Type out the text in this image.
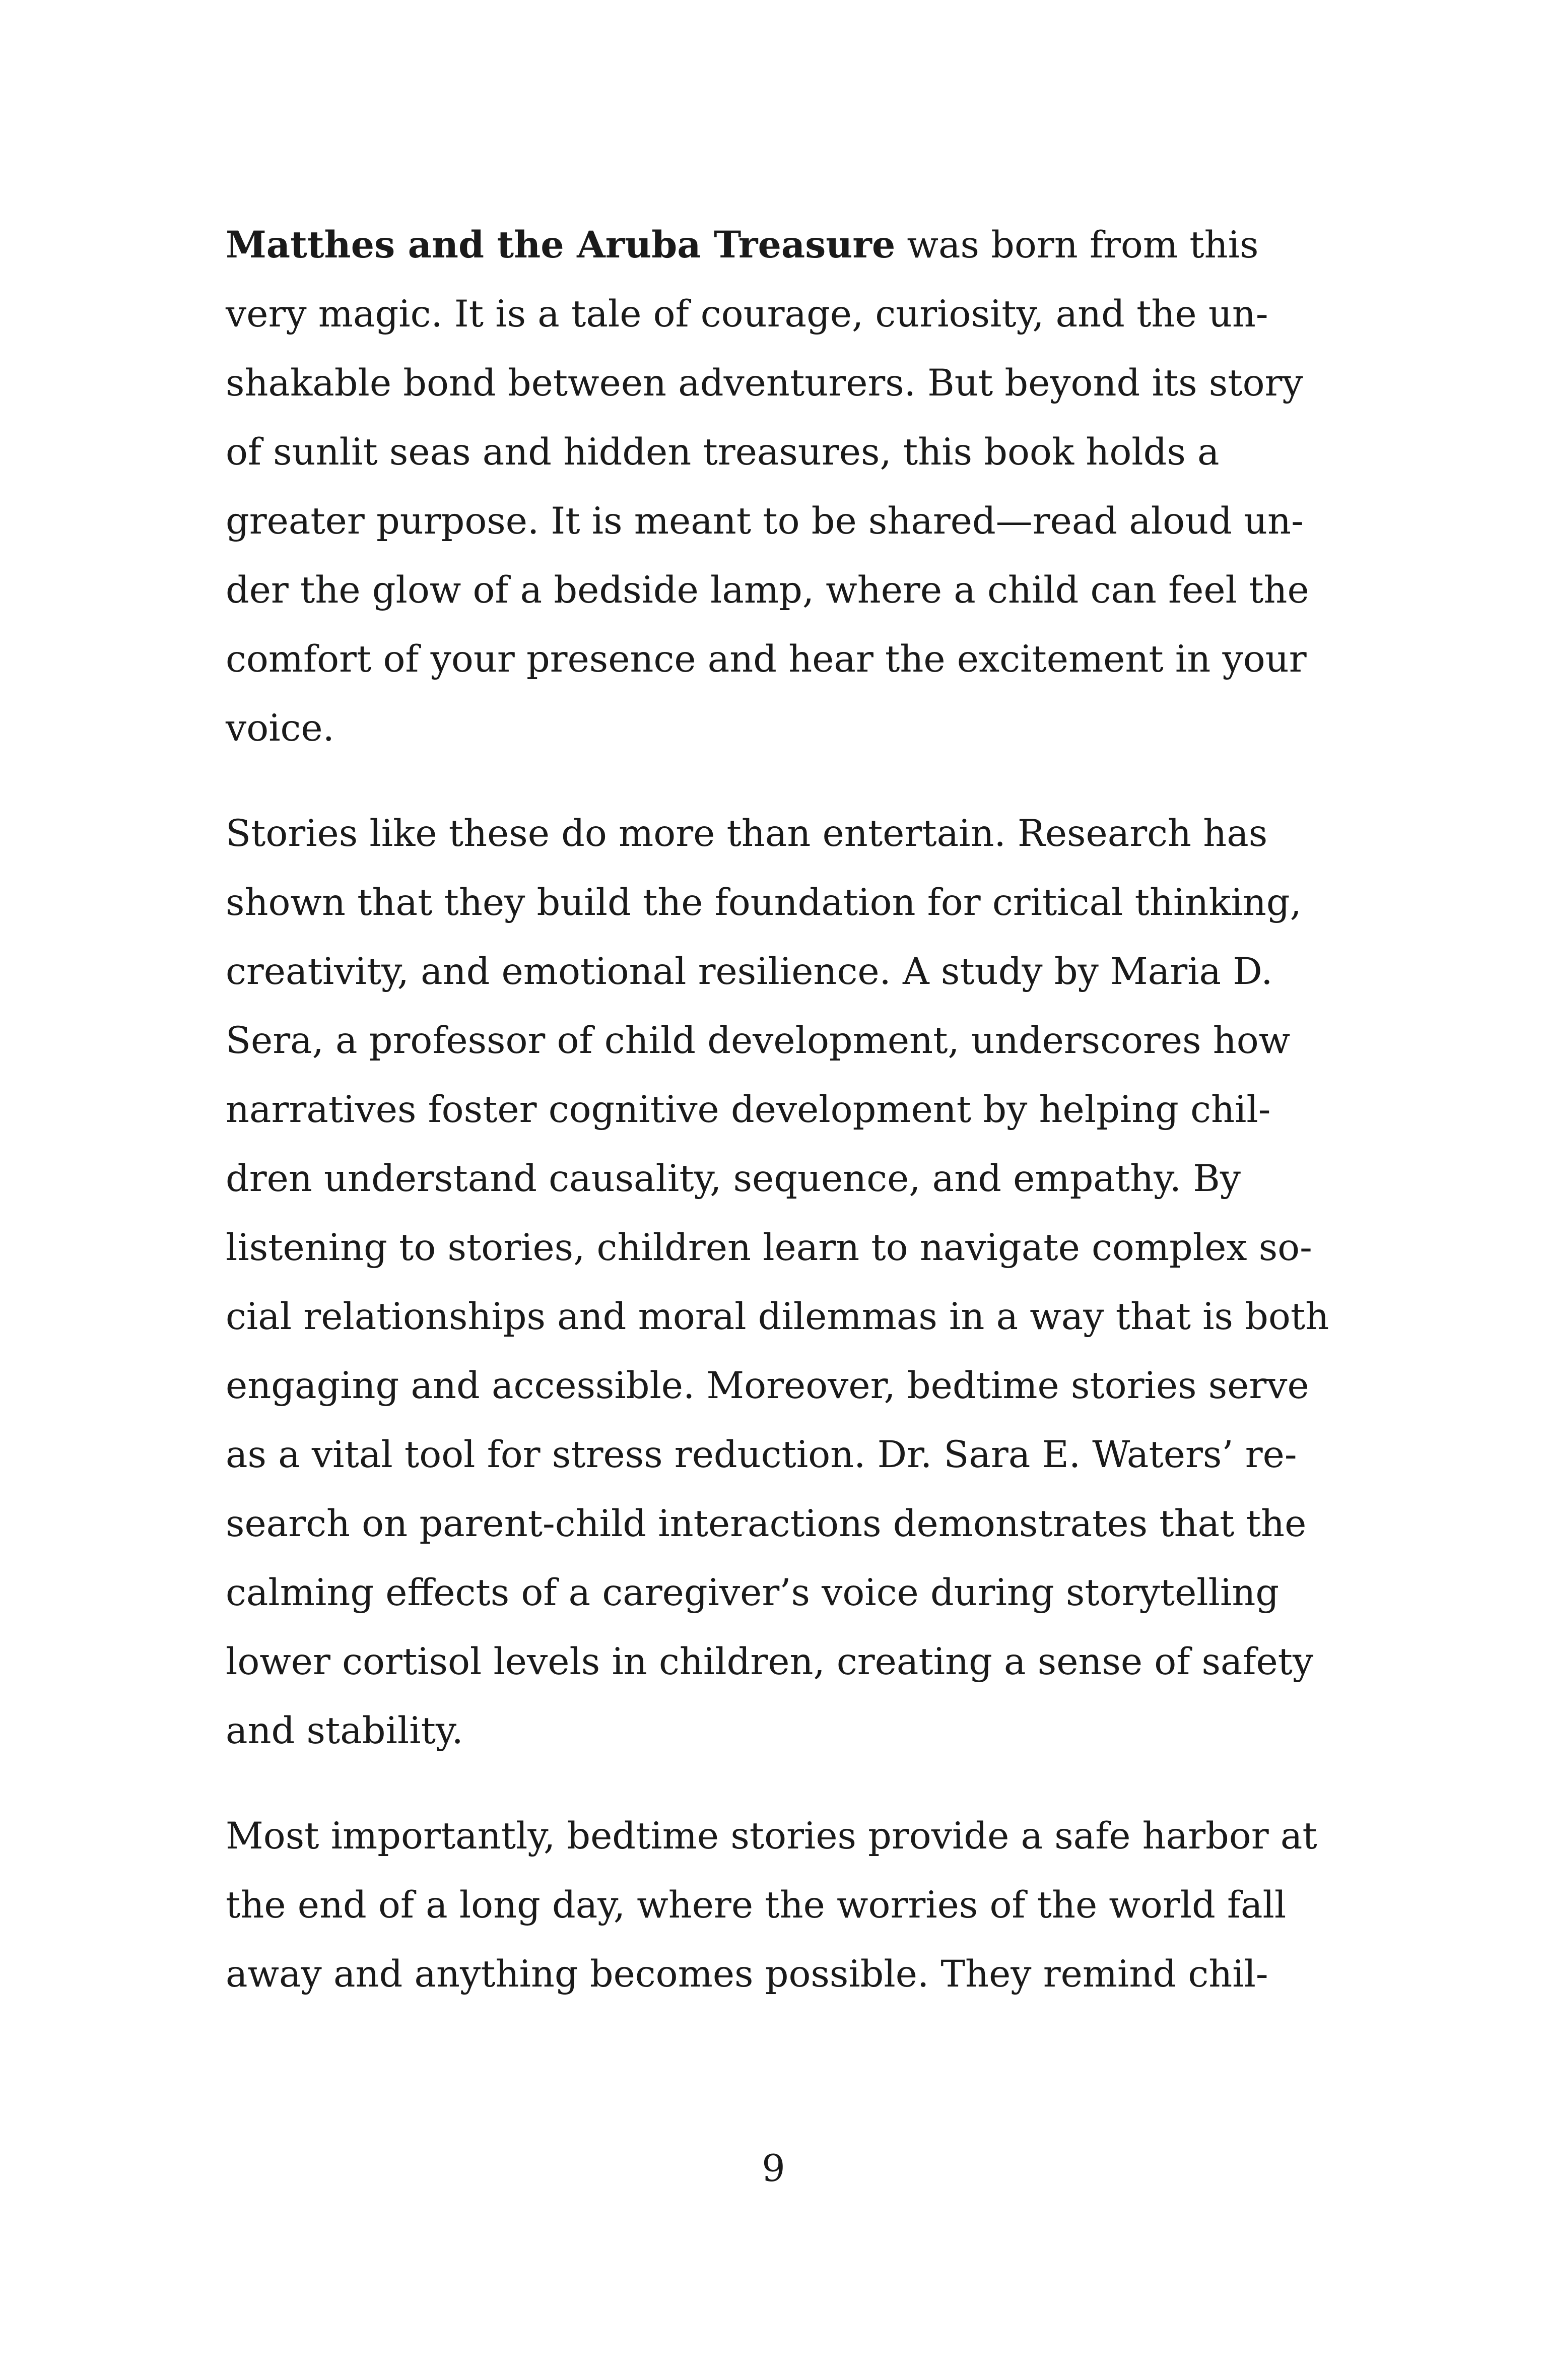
Matthes and the Aruba Treasure was born from this
very magic. It is a tale of courage, curiosity, and the un-
shakable bond between adventurers. But beyond its story
of sunlit seas and hidden treasures, this book holds a
greater purpose. It is meant to be shared—read aloud un-
der the glow of a bedside lamp, where a child can feel the
comfort of your presence and hear the excitement in your
voice.
Stories like these do more than entertain. Research has
shown that they build the foundation for critical thinking,
creativity, and emotional resilience. A study by Maria D.
Sera, a professor of child development, underscores how
narratives foster cognitive development by helping chil-
dren understand causality, sequence, and empathy. By
listening to stories, children learn to navigate complex so-
cial relationships and moral dilemmas in a way that is both
engaging and accessible. Moreover, bedtime stories serve
as a vital tool for stress reduction. Dr. Sara E. Waters’ re-
search on parent-child interactions demonstrates that the
calming effects of a caregiver’s voice during storytelling
lower cortisol levels in children, creating a sense of safety
and stability.
Most importantly, bedtime stories provide a safe harbor at
the end of a long day, where the worries of the world fall
away and anything becomes possible. They remind chil-
9
